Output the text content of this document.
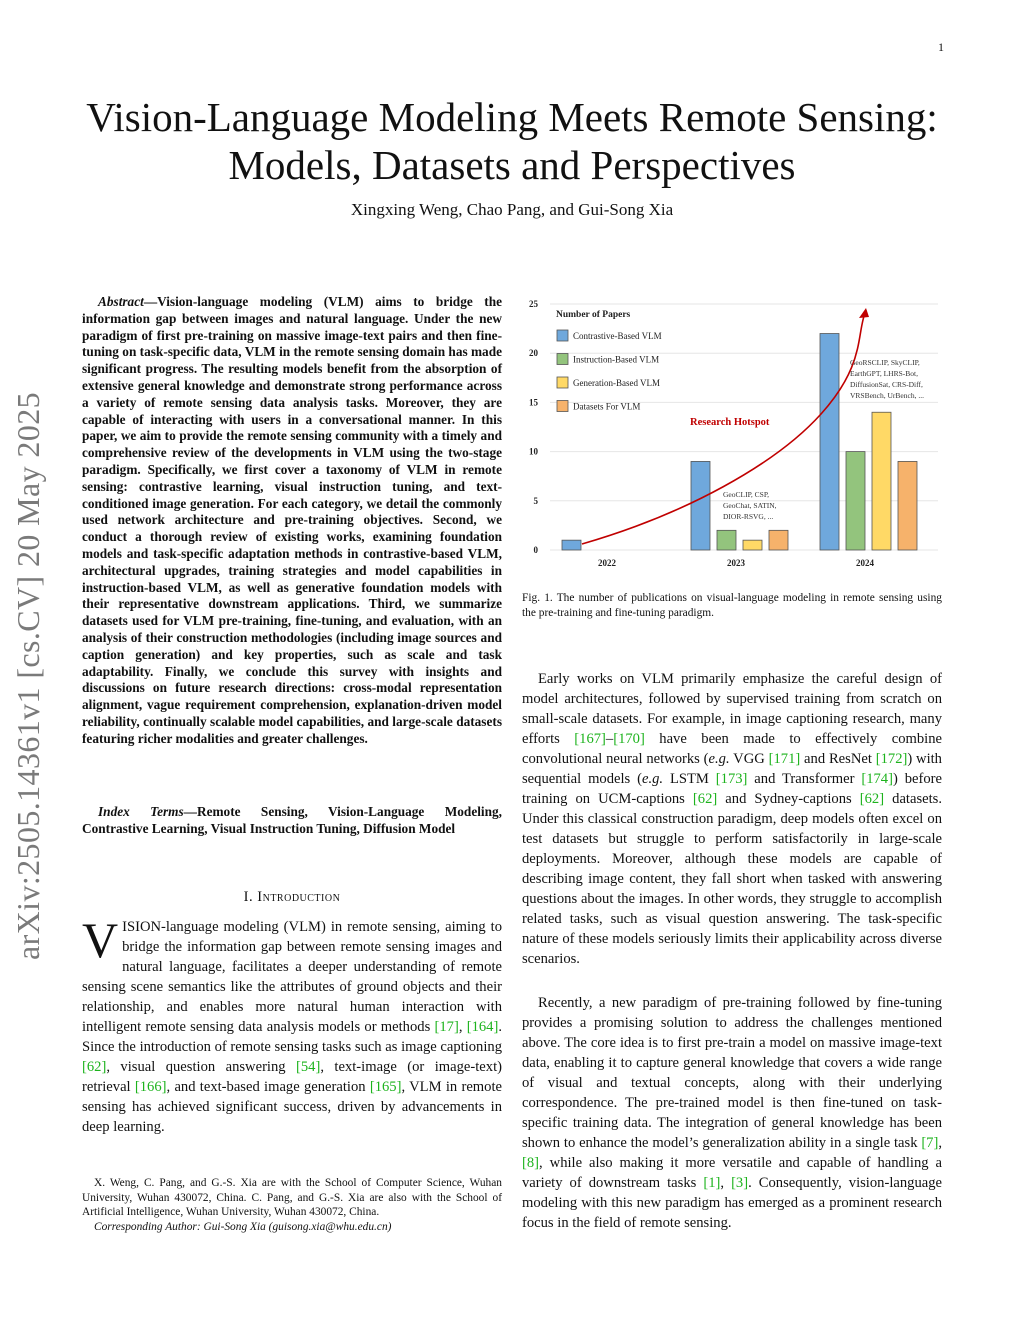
1
arXiv:2505.14361v1 [cs.CV] 20 May 2025
Vision-Language Modeling Meets Remote Sensing:
Models, Datasets and Perspectives
Xingxing Weng, Chao Pang, and Gui-Song Xia

Abstract—Vision-language modeling (VLM) aims to bridge the information gap between images and natural language. Under the new paradigm of first pre-training on massive image-text pairs and then fine-tuning on task-specific data, VLM in the remote sensing domain has made significant progress. The resulting models benefit from the absorption of extensive general knowledge and demonstrate strong performance across a variety of remote sensing data analysis tasks. Moreover, they are capable of interacting with users in a conversational manner. In this paper, we aim to provide the remote sensing community with a timely and comprehensive review of the developments in VLM using the two-stage paradigm. Specifically, we first cover a taxonomy of VLM in remote sensing: contrastive learning, visual instruction tuning, and text-conditioned image generation. For each category, we detail the commonly used network architecture and pre-training objectives. Second, we conduct a thorough review of existing works, examining foundation models and task-specific adaptation methods in contrastive-based VLM, architectural upgrades, training strategies and model capabilities in instruction-based VLM, as well as generative foundation models with their representative downstream applications. Third, we summarize datasets used for VLM pre-training, fine-tuning, and evaluation, with an analysis of their construction methodologies (including image sources and caption generation) and key properties, such as scale and task adaptability. Finally, we conclude this survey with insights and discussions on future research directions: cross-modal representation alignment, vague requirement comprehension, explanation-driven model reliability, continually scalable model capabilities, and large-scale datasets featuring richer modalities and greater challenges.

Index Terms—Remote Sensing, Vision-Language Modeling, Contrastive Learning, Visual Instruction Tuning, Diffusion Model

I. Introduction

VISION-language modeling (VLM) in remote sensing, aiming to bridge the information gap between remote sensing images and natural language, facilitates a deeper understanding of remote sensing scene semantics like the attributes of ground objects and their relationship, and enables more natural human interaction with intelligent remote sensing data analysis models or methods [17], [164]. Since the introduction of remote sensing tasks such as image captioning [62], visual question answering [54], text-image (or image-text) retrieval [166], and text-based image generation [165], VLM in remote sensing has achieved significant success, driven by advancements in deep learning.

X. Weng, C. Pang, and G.-S. Xia are with the School of Computer Science, Wuhan University, Wuhan 430072, China. C. Pang, and G.-S. Xia are also with the School of Artificial Intelligence, Wuhan University, Wuhan 430072, China.

Corresponding Author: Gui-Song Xia (guisong.xia@whu.edu.cn)

0
5
10
15
20
25
2022	2023	2024
Research Hotspot
Number of Papers
Contrastive-Based VLM
Instruction-Based VLM
Generation-Based VLM
Datasets For VLM
GeoCLIP, CSP,
GeoChat, SATIN,
DIOR-RSVG, ...
GeoRSCLIP, SkyCLIP,
EarthGPT, LHRS-Bot,
DiffusionSat, CRS-Diff,
VRSBench, UrBench, ...

Fig. 1. The number of publications on visual-language modeling in remote sensing using the pre-training and fine-tuning paradigm.

Early works on VLM primarily emphasize the careful design of model architectures, followed by supervised training from scratch on small-scale datasets. For example, in image captioning research, many efforts [167]–[170] have been made to effectively combine convolutional neural networks (e.g. VGG [171] and ResNet [172]) with sequential models (e.g. LSTM [173] and Transformer [174]) before training on UCM-captions [62] and Sydney-captions [62] datasets. Under this classical construction paradigm, deep models often excel on test datasets but struggle to perform satisfactorily in large-scale deployments. Moreover, although these models are capable of describing image content, they fall short when tasked with answering questions about the images. In other words, they struggle to accomplish related tasks, such as visual question answering. The task-specific nature of these models seriously limits their applicability across diverse scenarios.

Recently, a new paradigm of pre-training followed by fine-tuning provides a promising solution to address the challenges mentioned above. The core idea is to first pre-train a model on massive image-text data, enabling it to capture general knowledge that covers a wide range of visual and textual concepts, along with their underlying correspondence. The pre-trained model is then fine-tuned on task-specific training data. The integration of general knowledge has been shown to enhance the model’s generalization ability in a single task [7], [8], while also making it more versatile and capable of handling a variety of downstream tasks [1], [3]. Consequently, vision-language modeling with this new paradigm has emerged as a prominent research focus in the field of remote sensing.
